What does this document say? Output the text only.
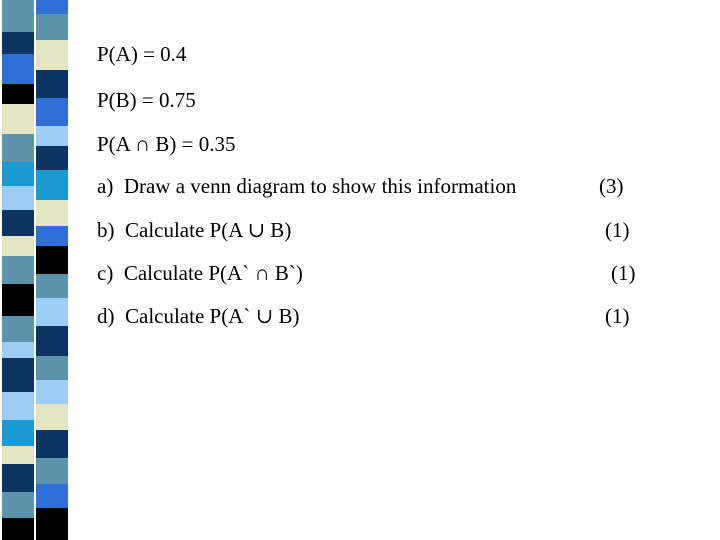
P(A) = 0.4
P(B) = 0.75
P(A ∩ B) = 0.35
a)  Draw a venn diagram to show this information	(3)
b)  Calculate P(A ∪ B)	(1)
c)  Calculate P(A` ∩ B`)	(1)
d)  Calculate P(A` ∪ B)	(1)
